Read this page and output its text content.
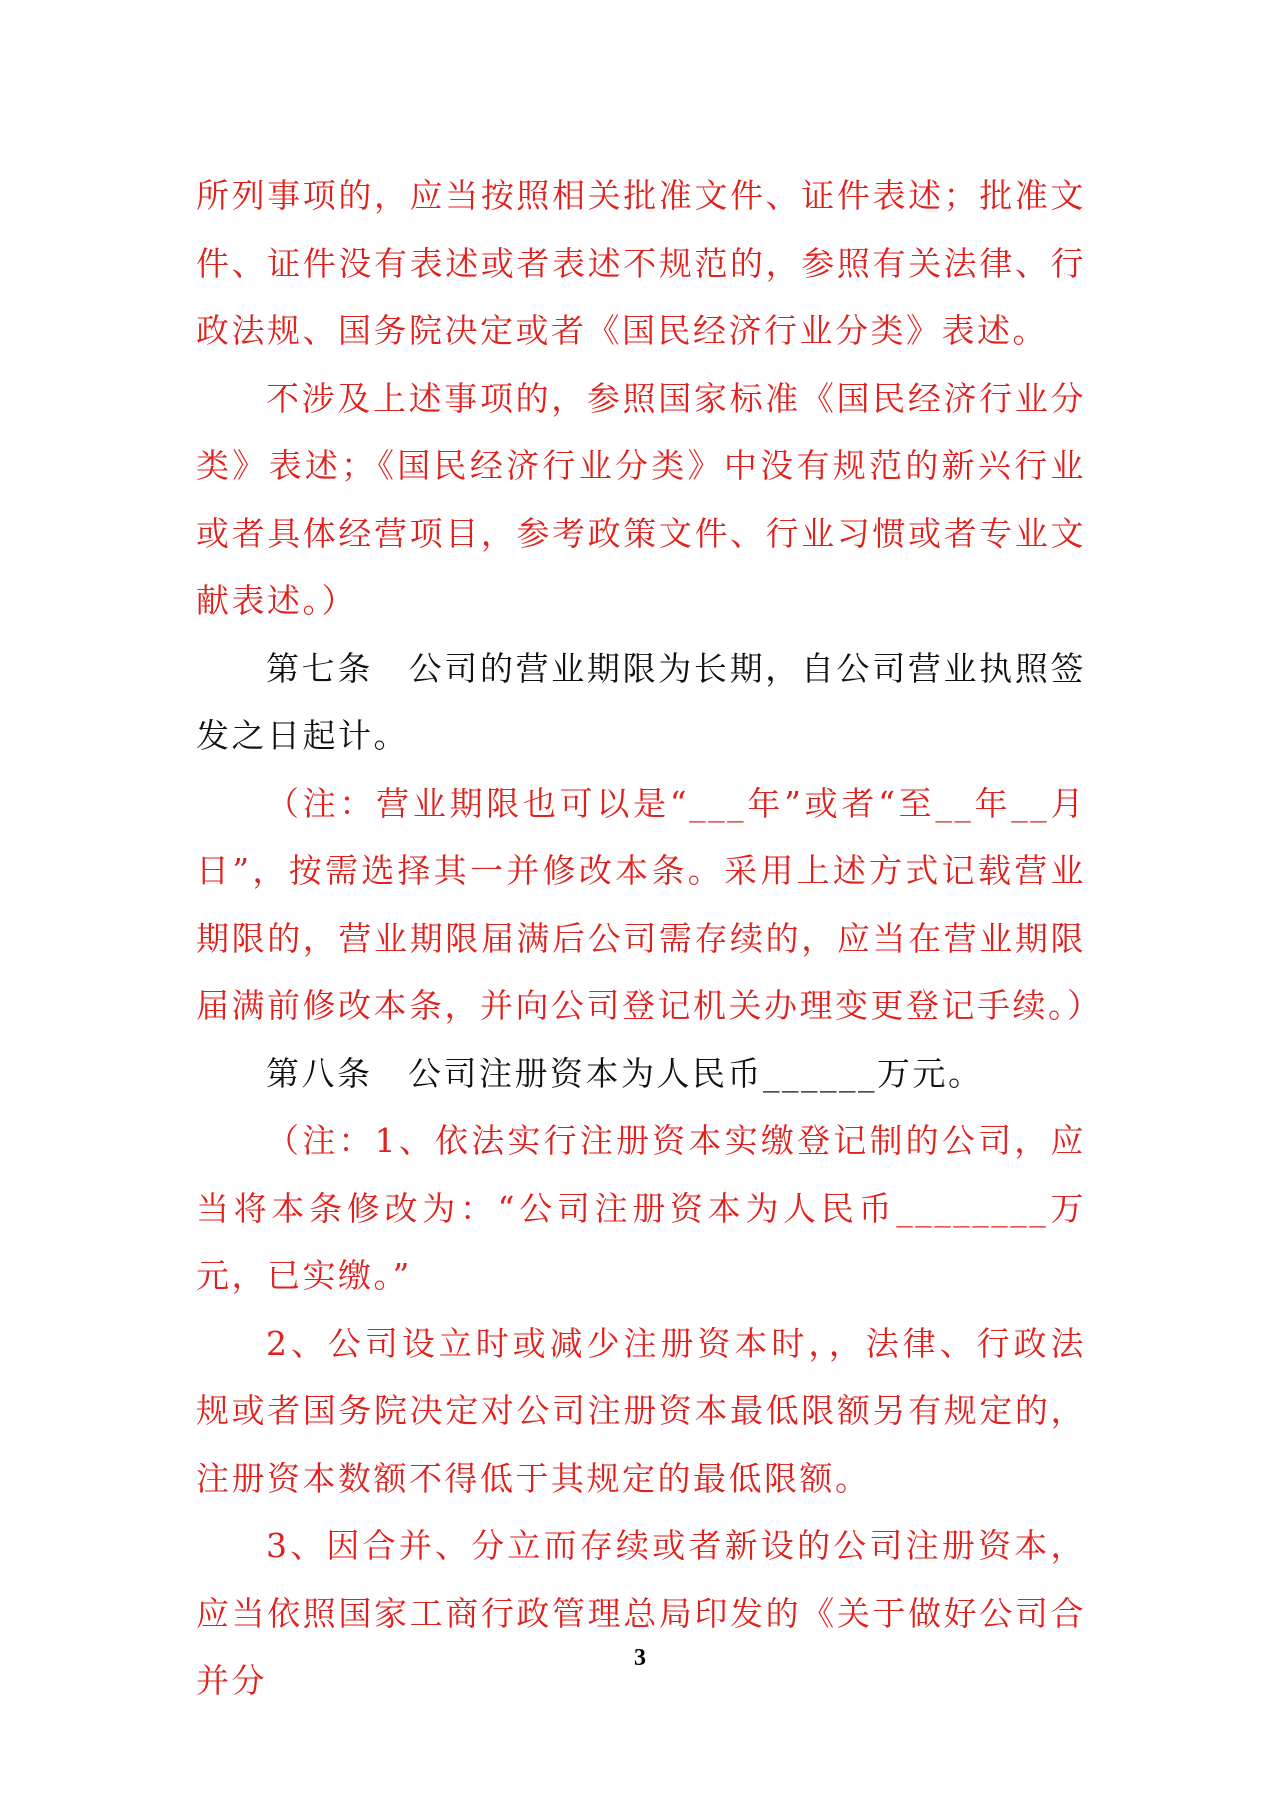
所列事项的，应当按照相关批准文件、证件表述；批准文件、证件没有表述或者表述不规范的，参照有关法律、行政法规、国务院决定或者《国民经济行业分类》表述。

不涉及上述事项的，参照国家标准《国民经济行业分类》表述；《国民经济行业分类》中没有规范的新兴行业或者具体经营项目，参考政策文件、行业习惯或者专业文献表述。）

第七条　公司的营业期限为长期，自公司营业执照签发之日起计。

（注：营业期限也可以是“___年”或者“至__年__月日”，按需选择其一并修改本条。采用上述方式记载营业期限的，营业期限届满后公司需存续的，应当在营业期限届满前修改本条，并向公司登记机关办理变更登记手续。）

第八条　公司注册资本为人民币______万元。

（注：1、依法实行注册资本实缴登记制的公司，应当将本条修改为：“公司注册资本为人民币________万元，已实缴。”

2、公司设立时或减少注册资本时，，法律、行政法规或者国务院决定对公司注册资本最低限额另有规定的，注册资本数额不得低于其规定的最低限额。

3、因合并、分立而存续或者新设的公司注册资本，应当依照国家工商行政管理总局印发的《关于做好公司合并分

3
